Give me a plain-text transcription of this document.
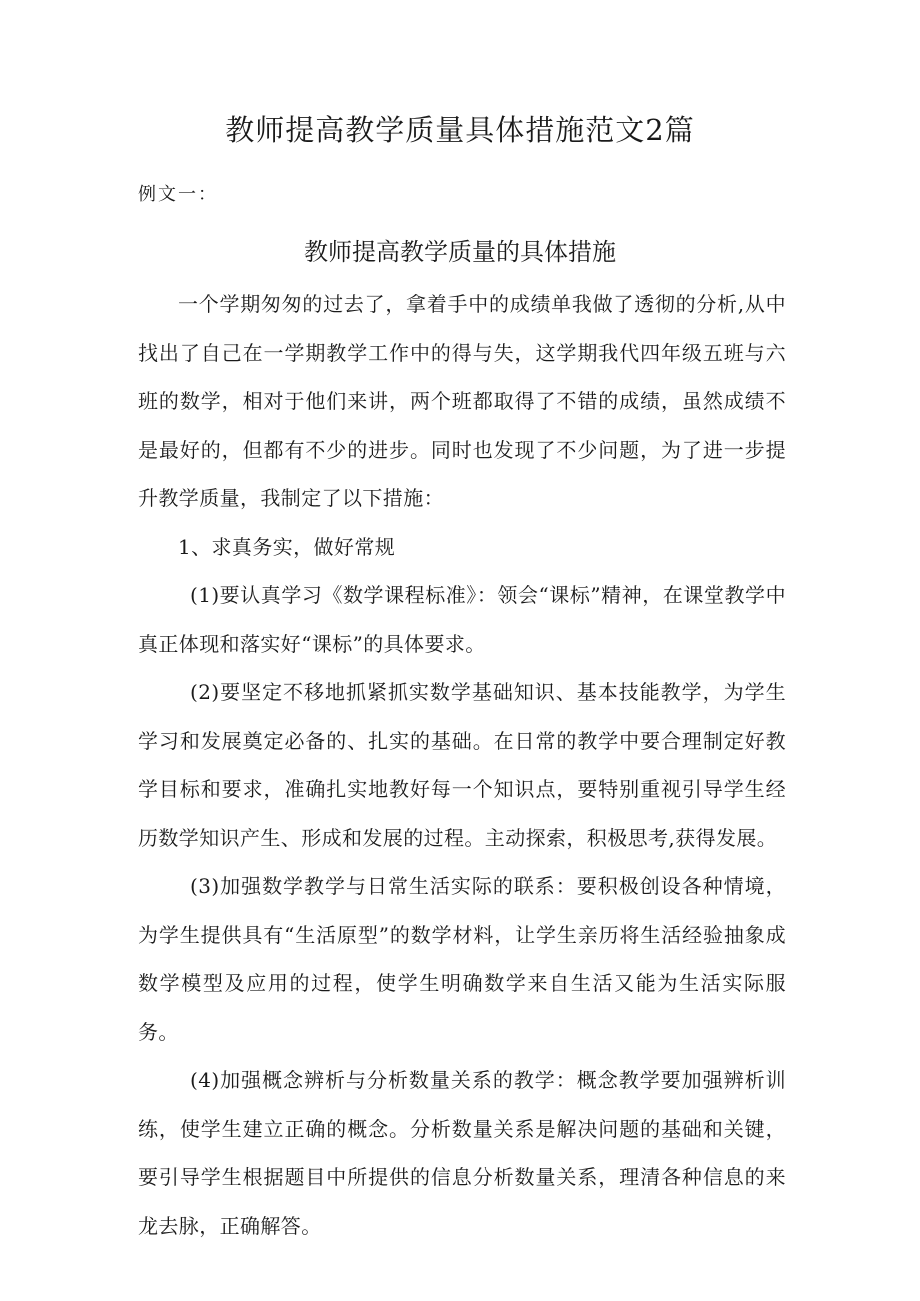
教师提高教学质量具体措施范文2篇

例文一：

教师提高教学质量的具体措施

一个学期匆匆的过去了，拿着手中的成绩单我做了透彻的分析,从中找出了自己在一学期教学工作中的得与失，这学期我代四年级五班与六班的数学，相对于他们来讲，两个班都取得了不错的成绩，虽然成绩不是最好的，但都有不少的进步。同时也发现了不少问题，为了进一步提升教学质量，我制定了以下措施：

1、求真务实，做好常规

(1)要认真学习《数学课程标准》：领会“课标”精神，在课堂教学中真正体现和落实好“课标”的具体要求。

(2)要坚定不移地抓紧抓实数学基础知识、基本技能教学，为学生学习和发展奠定必备的、扎实的基础。在日常的教学中要合理制定好教学目标和要求，准确扎实地教好每一个知识点，要特别重视引导学生经历数学知识产生、形成和发展的过程。主动探索，积极思考,获得发展。

(3)加强数学教学与日常生活实际的联系：要积极创设各种情境，为学生提供具有“生活原型”的数学材料，让学生亲历将生活经验抽象成数学模型及应用的过程，使学生明确数学来自生活又能为生活实际服务。

(4)加强概念辨析与分析数量关系的教学：概念教学要加强辨析训练，使学生建立正确的概念。分析数量关系是解决问题的基础和关键，要引导学生根据题目中所提供的信息分析数量关系，理清各种信息的来龙去脉，正确解答。
